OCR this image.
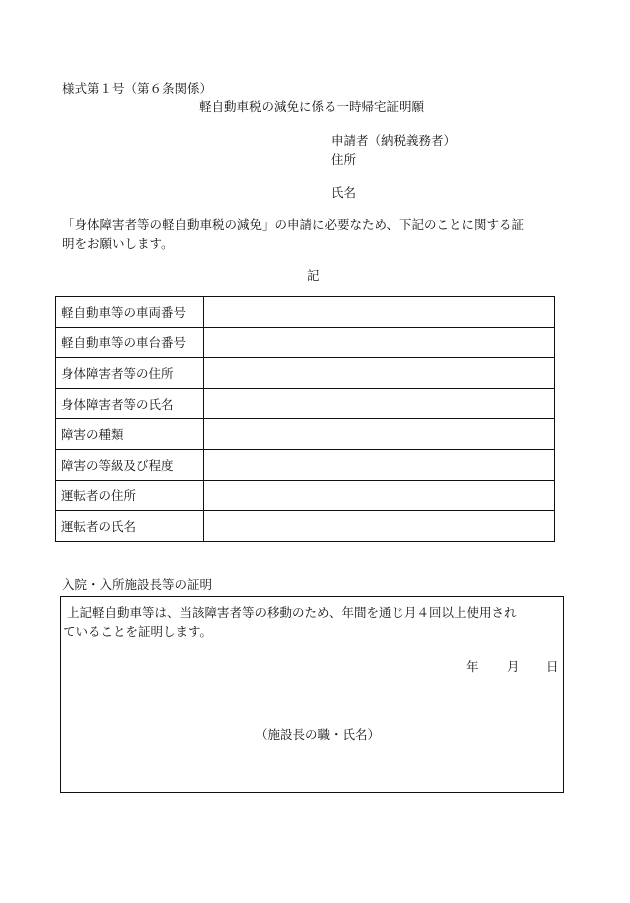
様式第１号（第６条関係）
軽自動車税の減免に係る一時帰宅証明願
申請者（納税義務者）
住所
氏名
「身体障害者等の軽自動車税の減免」の申請に必要なため、下記のことに関する証
明をお願いします。
記
軽自動車等の車両番号	
軽自動車等の車台番号	
身体障害者等の住所	
身体障害者等の氏名	
障害の種類	
障害の等級及び程度	
運転者の住所	
運転者の氏名	
入院・入所施設長等の証明
上記軽自動車等は、当該障害者等の移動のため、年間を通じ月４回以上使用され
ていることを証明します。
年 月 日
（施設長の職・氏名）
